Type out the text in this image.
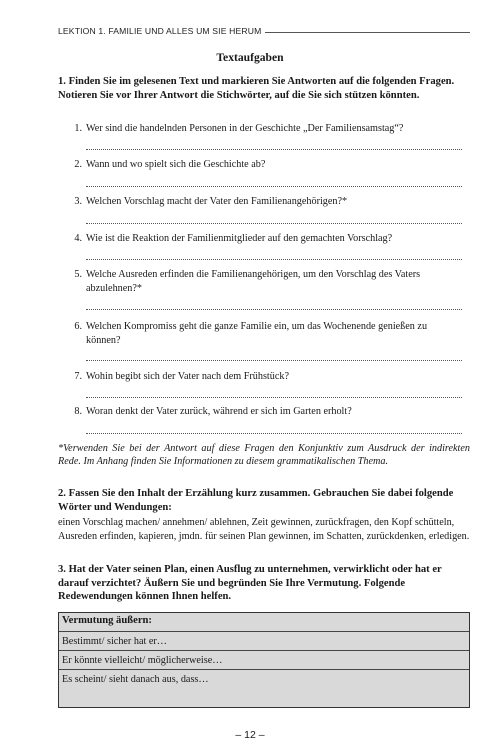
LEKTION 1. FAMILIE UND ALLES UM SIE HERUM
Textaufgaben
1. Finden Sie im gelesenen Text und markieren Sie Antworten auf die folgenden Fragen. Notieren Sie vor Ihrer Antwort die Stichwörter, auf die Sie sich stützen könnten.
1. Wer sind die handelnden Personen in der Geschichte „Der Familiensamstag“?
2. Wann und wo spielt sich die Geschichte ab?
3. Welchen Vorschlag macht der Vater den Familienangehörigen?*
4. Wie ist die Reaktion der Familienmitglieder auf den gemachten Vorschlag?
5. Welche Ausreden erfinden die Familienangehörigen, um den Vorschlag des Vaters abzulehnen?*
6. Welchen Kompromiss geht die ganze Familie ein, um das Wochenende genießen zu können?
7. Wohin begibt sich der Vater nach dem Frühstück?
8. Woran denkt der Vater zurück, während er sich im Garten erholt?
*Verwenden Sie bei der Antwort auf diese Fragen den Konjunktiv zum Ausdruck der indirekten Rede. Im Anhang finden Sie Informationen zu diesem grammatikalischen Thema.
2. Fassen Sie den Inhalt der Erzählung kurz zusammen. Gebrauchen Sie dabei folgende Wörter und Wendungen:
einen Vorschlag machen/ annehmen/ ablehnen, Zeit gewinnen, zurückfragen, den Kopf schütteln, Ausreden erfinden, kapieren, jmdn. für seinen Plan gewinnen, im Schatten, zurückdenken, erledigen.
3. Hat der Vater seinen Plan, einen Ausflug zu unternehmen, verwirklicht oder hat er darauf verzichtet? Äußern Sie und begründen Sie Ihre Vermutung. Folgende Redewendungen können Ihnen helfen.
Vermutung äußern:
Bestimmt/ sicher hat er…
Er könnte vielleicht/ möglicherweise…
Es scheint/ sieht danach aus, dass…
– 12 –
